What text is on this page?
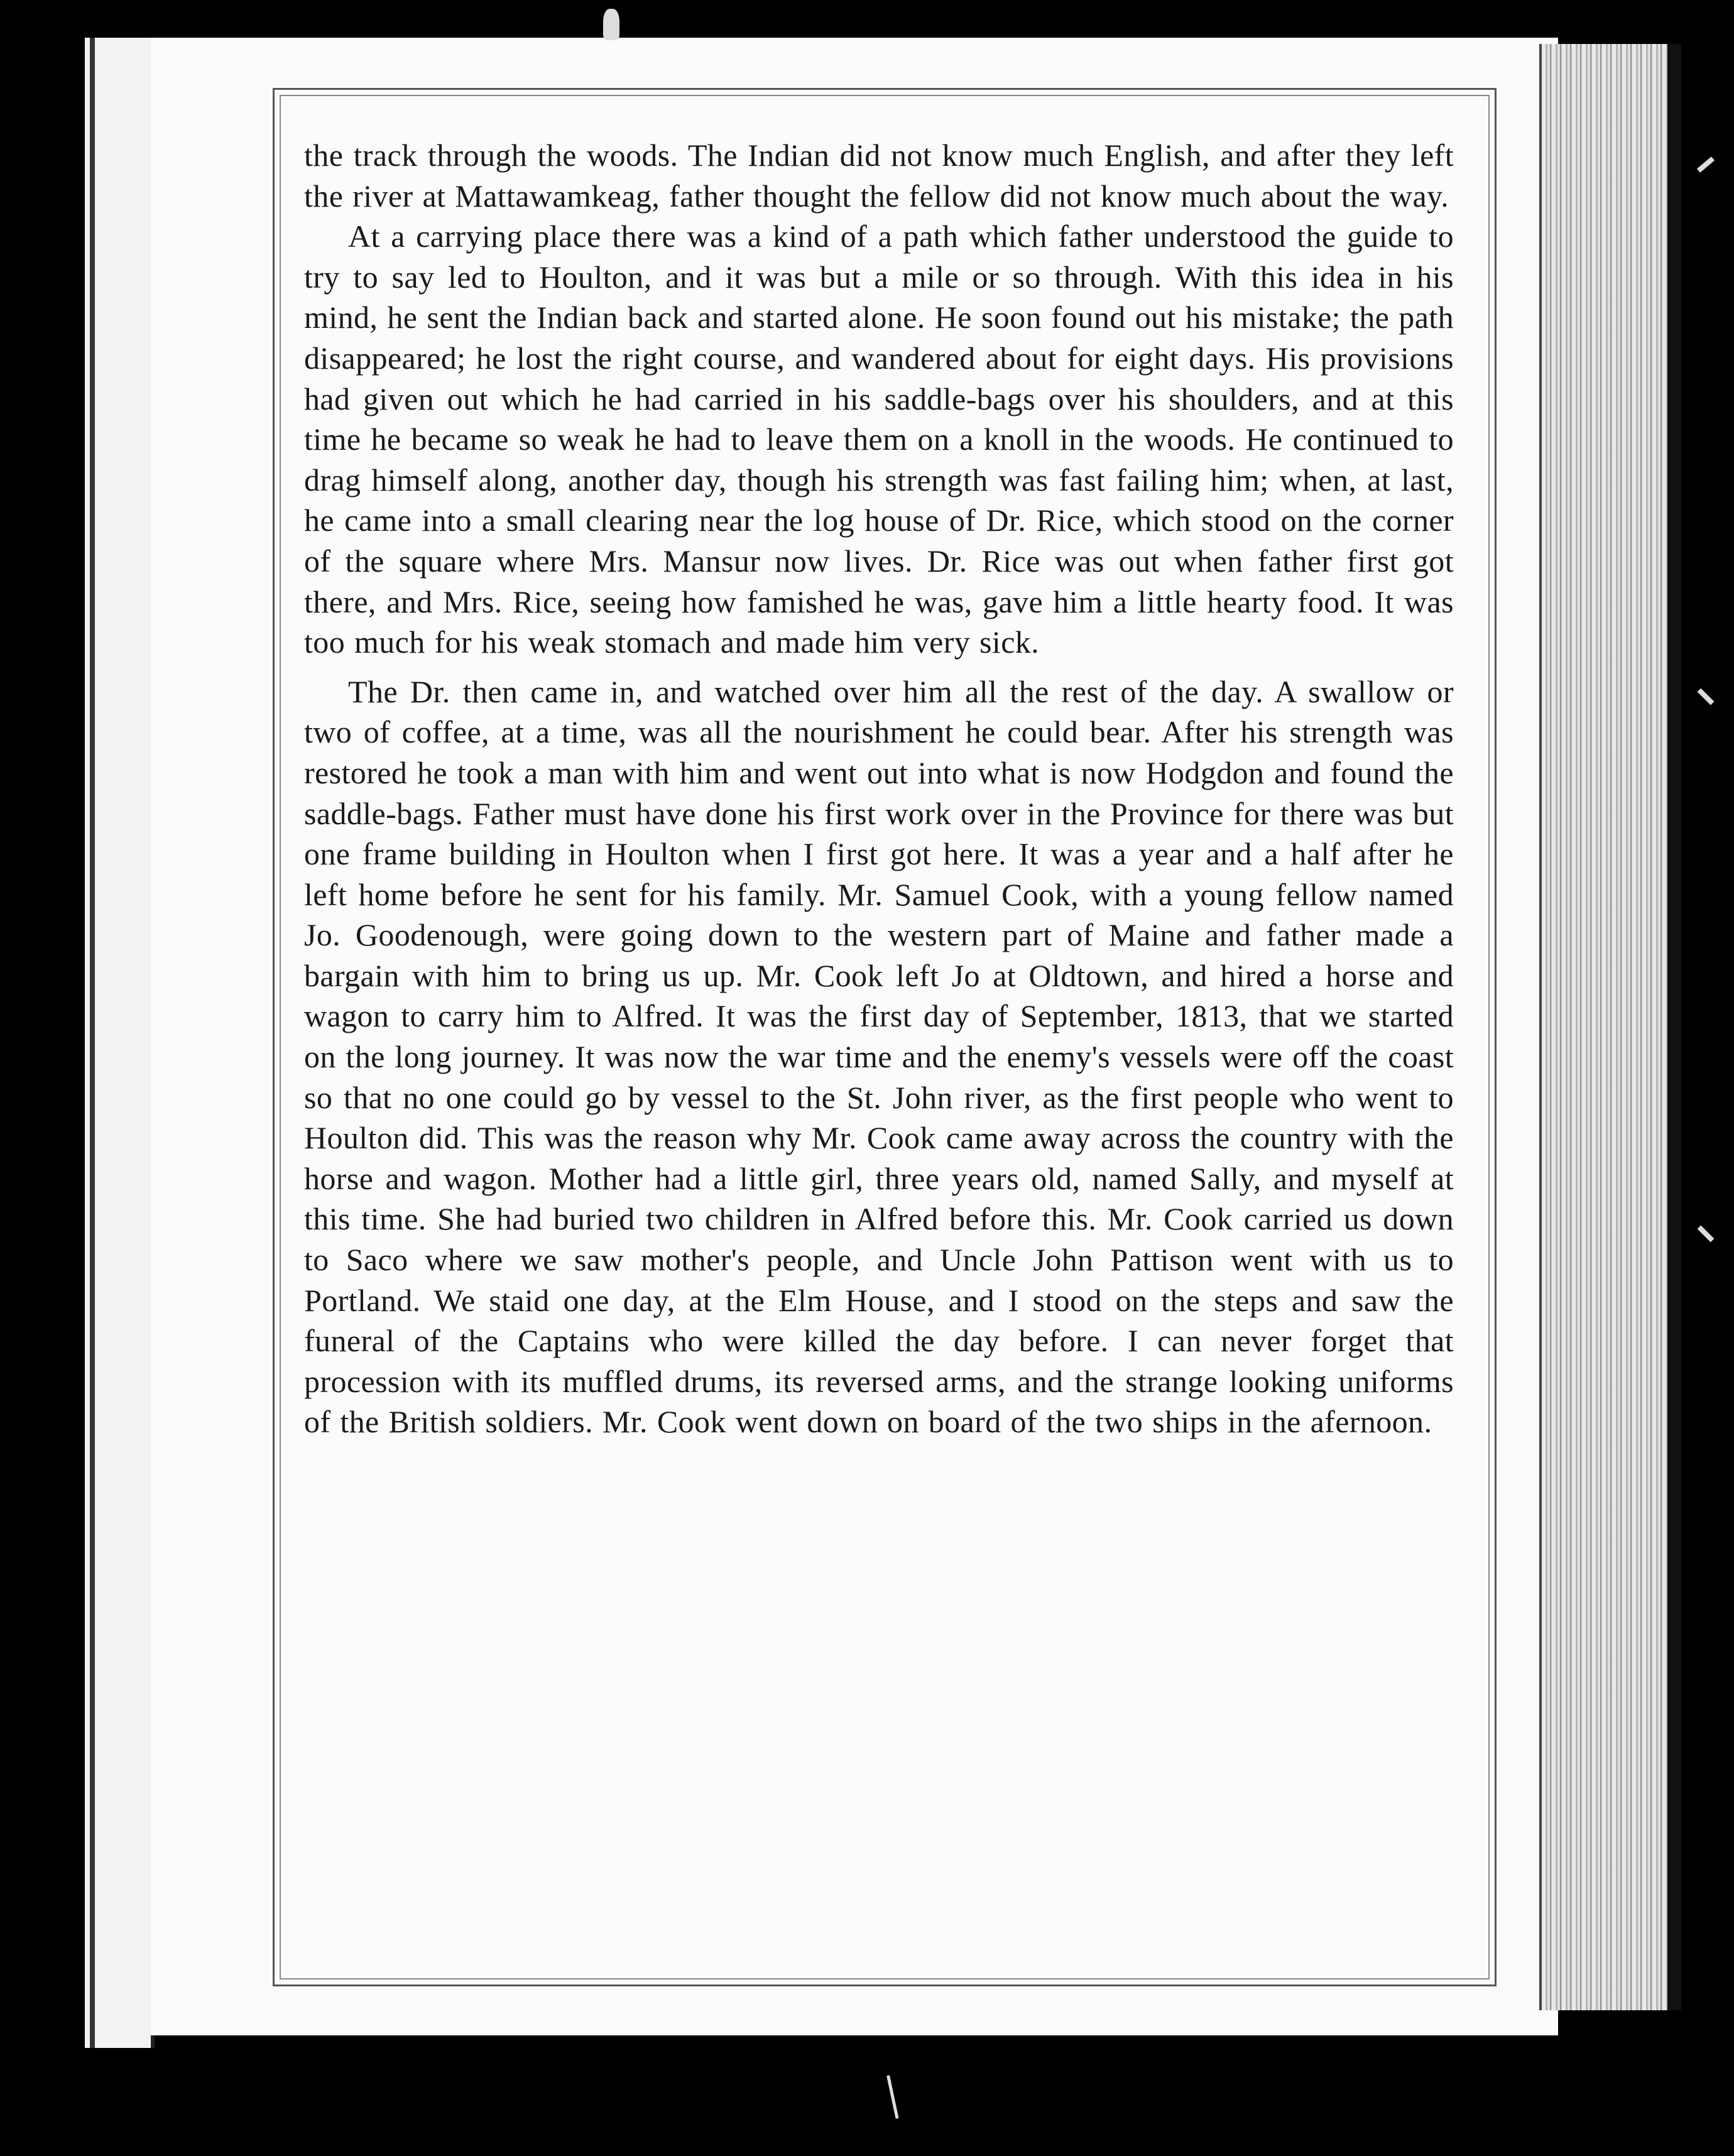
the track through the woods. The Indian did not know much English, and after they left the river at Mattawamkeag, father thought the fellow did not know much about the way.

At a carrying place there was a kind of a path which father understood the guide to try to say led to Houlton, and it was but a mile or so through. With this idea in his mind, he sent the Indian back and started alone. He soon found out his mistake; the path disappeared; he lost the right course, and wandered about for eight days. His provisions had given out which he had carried in his saddle-bags over his shoulders, and at this time he became so weak he had to leave them on a knoll in the woods. He continued to drag himself along, another day, though his strength was fast failing him; when, at last, he came into a small clearing near the log house of Dr. Rice, which stood on the corner of the square where Mrs. Mansur now lives. Dr. Rice was out when father first got there, and Mrs. Rice, seeing how famished he was, gave him a little hearty food. It was too much for his weak stomach and made him very sick.

The Dr. then came in, and watched over him all the rest of the day. A swallow or two of coffee, at a time, was all the nourishment he could bear. After his strength was restored he took a man with him and went out into what is now Hodgdon and found the saddle-bags. Father must have done his first work over in the Province for there was but one frame building in Houlton when I first got here. It was a year and a half after he left home before he sent for his family. Mr. Samuel Cook, with a young fellow named Jo. Goodenough, were going down to the western part of Maine and father made a bargain with him to bring us up. Mr. Cook left Jo at Oldtown, and hired a horse and wagon to carry him to Alfred. It was the first day of September, 1813, that we started on the long journey. It was now the war time and the enemy's vessels were off the coast so that no one could go by vessel to the St. John river, as the first people who went to Houlton did. This was the reason why Mr. Cook came away across the country with the horse and wagon. Mother had a little girl, three years old, named Sally, and myself at this time. She had buried two children in Alfred before this. Mr. Cook carried us down to Saco where we saw mother's people, and Uncle John Pattison went with us to Portland. We staid one day, at the Elm House, and I stood on the steps and saw the funeral of the Captains who were killed the day before. I can never forget that procession with its muffled drums, its reversed arms, and the strange looking uniforms of the British soldiers. Mr. Cook went down on board of the two ships in the afernoon.
